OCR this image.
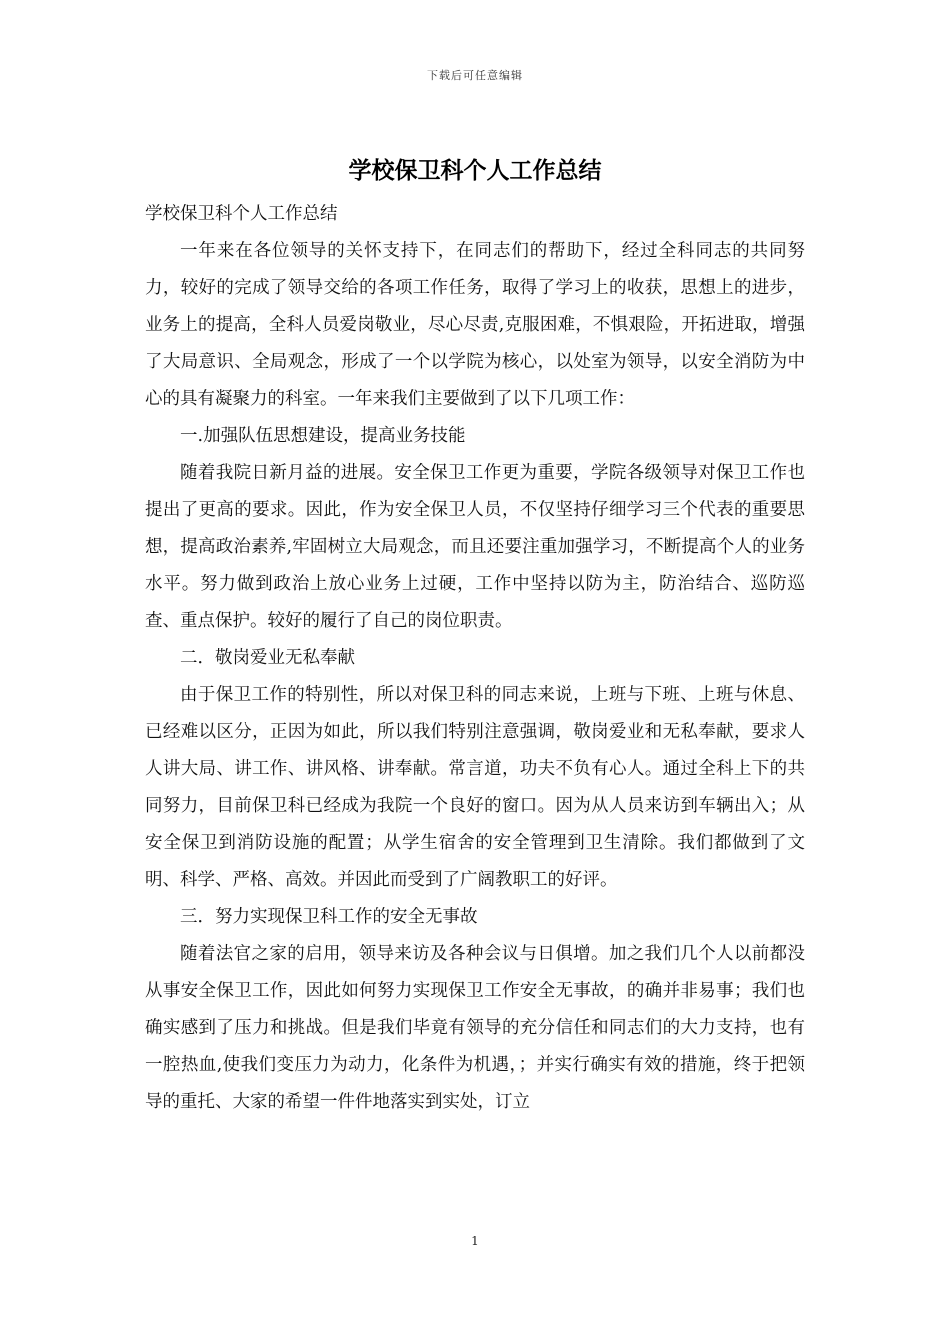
下载后可任意编辑
学校保卫科个人工作总结

学校保卫科个人工作总结

一年来在各位领导的关怀支持下，在同志们的帮助下，经过全科同志的共同努力，较好的完成了领导交给的各项工作任务，取得了学习上的收获，思想上的进步，业务上的提高，全科人员爱岗敬业，尽心尽责,克服困难，不惧艰险，开拓进取，增强了大局意识、全局观念，形成了一个以学院为核心，以处室为领导，以安全消防为中心的具有凝聚力的科室。一年来我们主要做到了以下几项工作：

一.加强队伍思想建设，提高业务技能

随着我院日新月益的进展。安全保卫工作更为重要，学院各级领导对保卫工作也提出了更高的要求。因此，作为安全保卫人员，不仅坚持仔细学习三个代表的重要思想，提高政治素养,牢固树立大局观念，而且还要注重加强学习，不断提高个人的业务水平。努力做到政治上放心业务上过硬，工作中坚持以防为主，防治结合、巡防巡查、重点保护。较好的履行了自己的岗位职责。

二．敬岗爱业无私奉献

由于保卫工作的特别性，所以对保卫科的同志来说，上班与下班、上班与休息、已经难以区分，正因为如此，所以我们特别注意强调，敬岗爱业和无私奉献，要求人人讲大局、讲工作、讲风格、讲奉献。常言道，功夫不负有心人。通过全科上下的共同努力，目前保卫科已经成为我院一个良好的窗口。因为从人员来访到车辆出入；从安全保卫到消防设施的配置；从学生宿舍的安全管理到卫生清除。我们都做到了文明、科学、严格、高效。并因此而受到了广阔教职工的好评。

三．努力实现保卫科工作的安全无事故

随着法官之家的启用，领导来访及各种会议与日俱增。加之我们几个人以前都没从事安全保卫工作，因此如何努力实现保卫工作安全无事故，的确并非易事；我们也确实感到了压力和挑战。但是我们毕竟有领导的充分信任和同志们的大力支持，也有一腔热血,使我们变压力为动力，化条件为机遇，；并实行确实有效的措施，终于把领导的重托、大家的希望一件件地落实到实处，订立

1
